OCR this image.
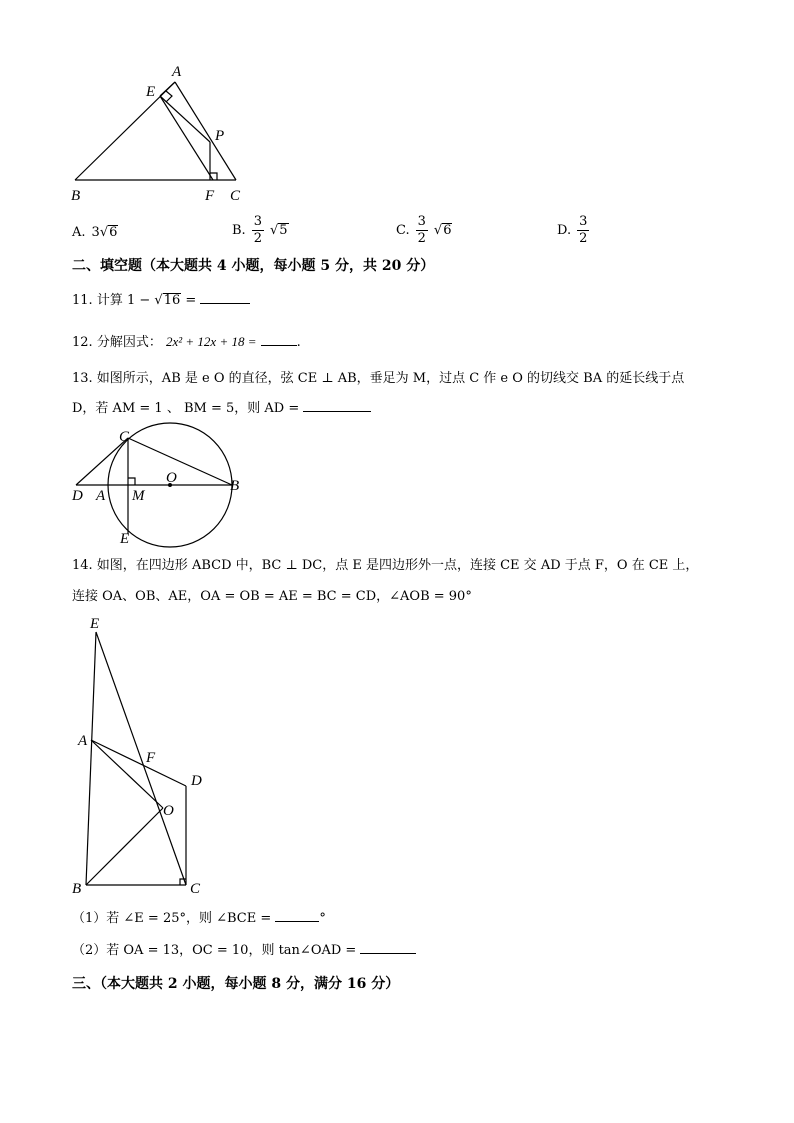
A
E
P
B	F C
A. 3√6	B. $\frac{3}{2} √5$	C. $\frac{3}{2} √6$	D. $\frac{3}{2}$
二、填空题（本大题共 4 小题，每小题 5 分，共 20 分）
11. 计算 1 − √16 =
12. 分解因式： 2x² + 12x + 18 =	.
13. 如图所示，AB 是 e O 的直径，弦 CE ⊥ AB，垂足为 M，过点 C 作 e O 的切线交 BA 的延长线于点
D，若 AM = 1 、 BM = 5，则 AD =
C
O
D A M
B
E
14. 如图，在四边形 ABCD 中，BC ⊥ DC，点 E 是四边形外一点，连接 CE 交 AD 于点 F，O 在 CE 上，
连接 OA、OB、AE，OA = OB = AE = BC = CD，∠AOB = 90°
E
A
F
D
O
B	C
（1）若 ∠E = 25°，则 ∠BCE =	°
（2）若 OA = 13，OC = 10，则 tan∠OAD =
三、（本大题共 2 小题，每小题 8 分，满分 16 分）
